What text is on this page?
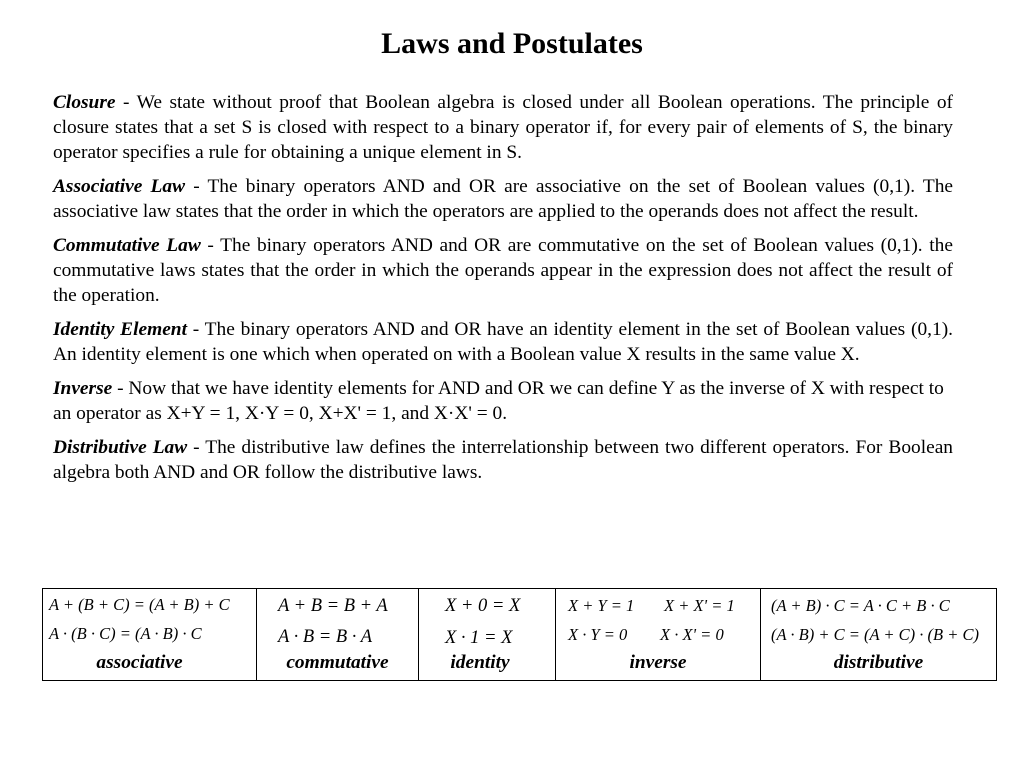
Laws and Postulates

Closure - We state without proof that Boolean algebra is closed under all Boolean operations. The principle of closure states that a set S is closed with respect to a binary operator if, for every pair of elements of S, the binary operator specifies a rule for obtaining a unique element in S.

Associative Law - The binary operators AND and OR are associative on the set of Boolean values (0,1). The associative law states that the order in which the operators are applied to the operands does not affect the result.

Commutative Law - The binary operators AND and OR are commutative on the set of Boolean values (0,1). the commutative laws states that the order in which the operands appear in the expression does not affect the result of the operation.

Identity Element - The binary operators AND and OR have an identity element in the set of Boolean values (0,1). An identity element is one which when operated on with a Boolean value X results in the same value X.

Inverse - Now that we have identity elements for AND and OR we can define Y as the inverse of X with respect to an operator as X+Y = 1, X·Y = 0, X+X' = 1, and X·X' = 0.

Distributive Law - The distributive law defines the interrelationship between two different operators. For Boolean algebra both AND and OR follow the distributive laws.

A + (B + C) = (A + B) + C
A · (B · C) = (A · B) · C
associative
A + B = B + A
A · B = B · A
commutative
X + 0 = X
X · 1 = X
identity
X + Y = 1 X + X' = 1
X · Y = 0 X · X' = 0
inverse
(A + B) · C = A · C + B · C
(A · B) + C = (A + C) · (B + C)
distributive
